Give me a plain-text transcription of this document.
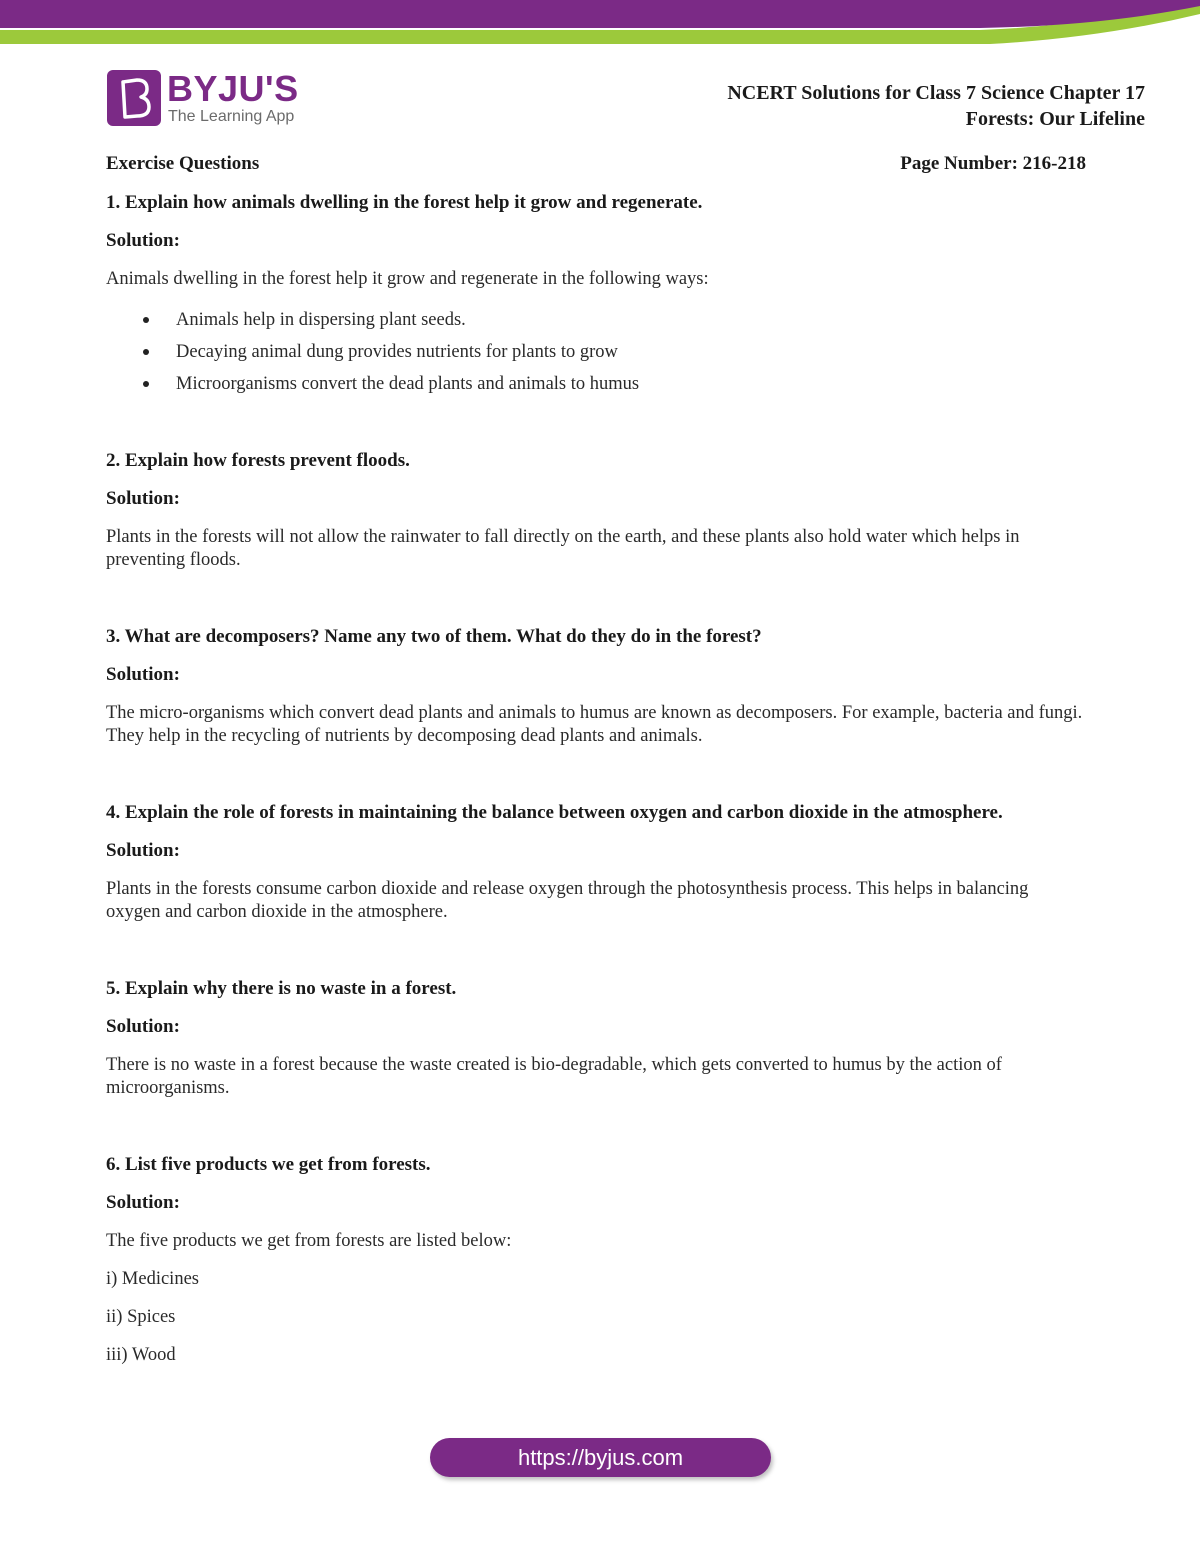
BYJU'S
The Learning App
NCERT Solutions for Class 7 Science Chapter 17
Forests: Our Lifeline
Exercise Questions	Page Number: 216-218

1. Explain how animals dwelling in the forest help it grow and regenerate.

Solution:

Animals dwelling in the forest help it grow and regenerate in the following ways:

Animals help in dispersing plant seeds.
Decaying animal dung provides nutrients for plants to grow
Microorganisms convert the dead plants and animals to humus

2. Explain how forests prevent floods.

Solution:

Plants in the forests will not allow the rainwater to fall directly on the earth, and these plants also hold water which helps in preventing floods.

3. What are decomposers? Name any two of them. What do they do in the forest?

Solution:

The micro-organisms which convert dead plants and animals to humus are known as decomposers. For example, bacteria and fungi. They help in the recycling of nutrients by decomposing dead plants and animals.

4. Explain the role of forests in maintaining the balance between oxygen and carbon dioxide in the atmosphere.

Solution:

Plants in the forests consume carbon dioxide and release oxygen through the photosynthesis process. This helps in balancing oxygen and carbon dioxide in the atmosphere.

5. Explain why there is no waste in a forest.

Solution:

There is no waste in a forest because the waste created is bio-degradable, which gets converted to humus by the action of microorganisms.

6. List five products we get from forests.

Solution:

The five products we get from forests are listed below:

i) Medicines

ii) Spices

iii) Wood

https://byjus.com
